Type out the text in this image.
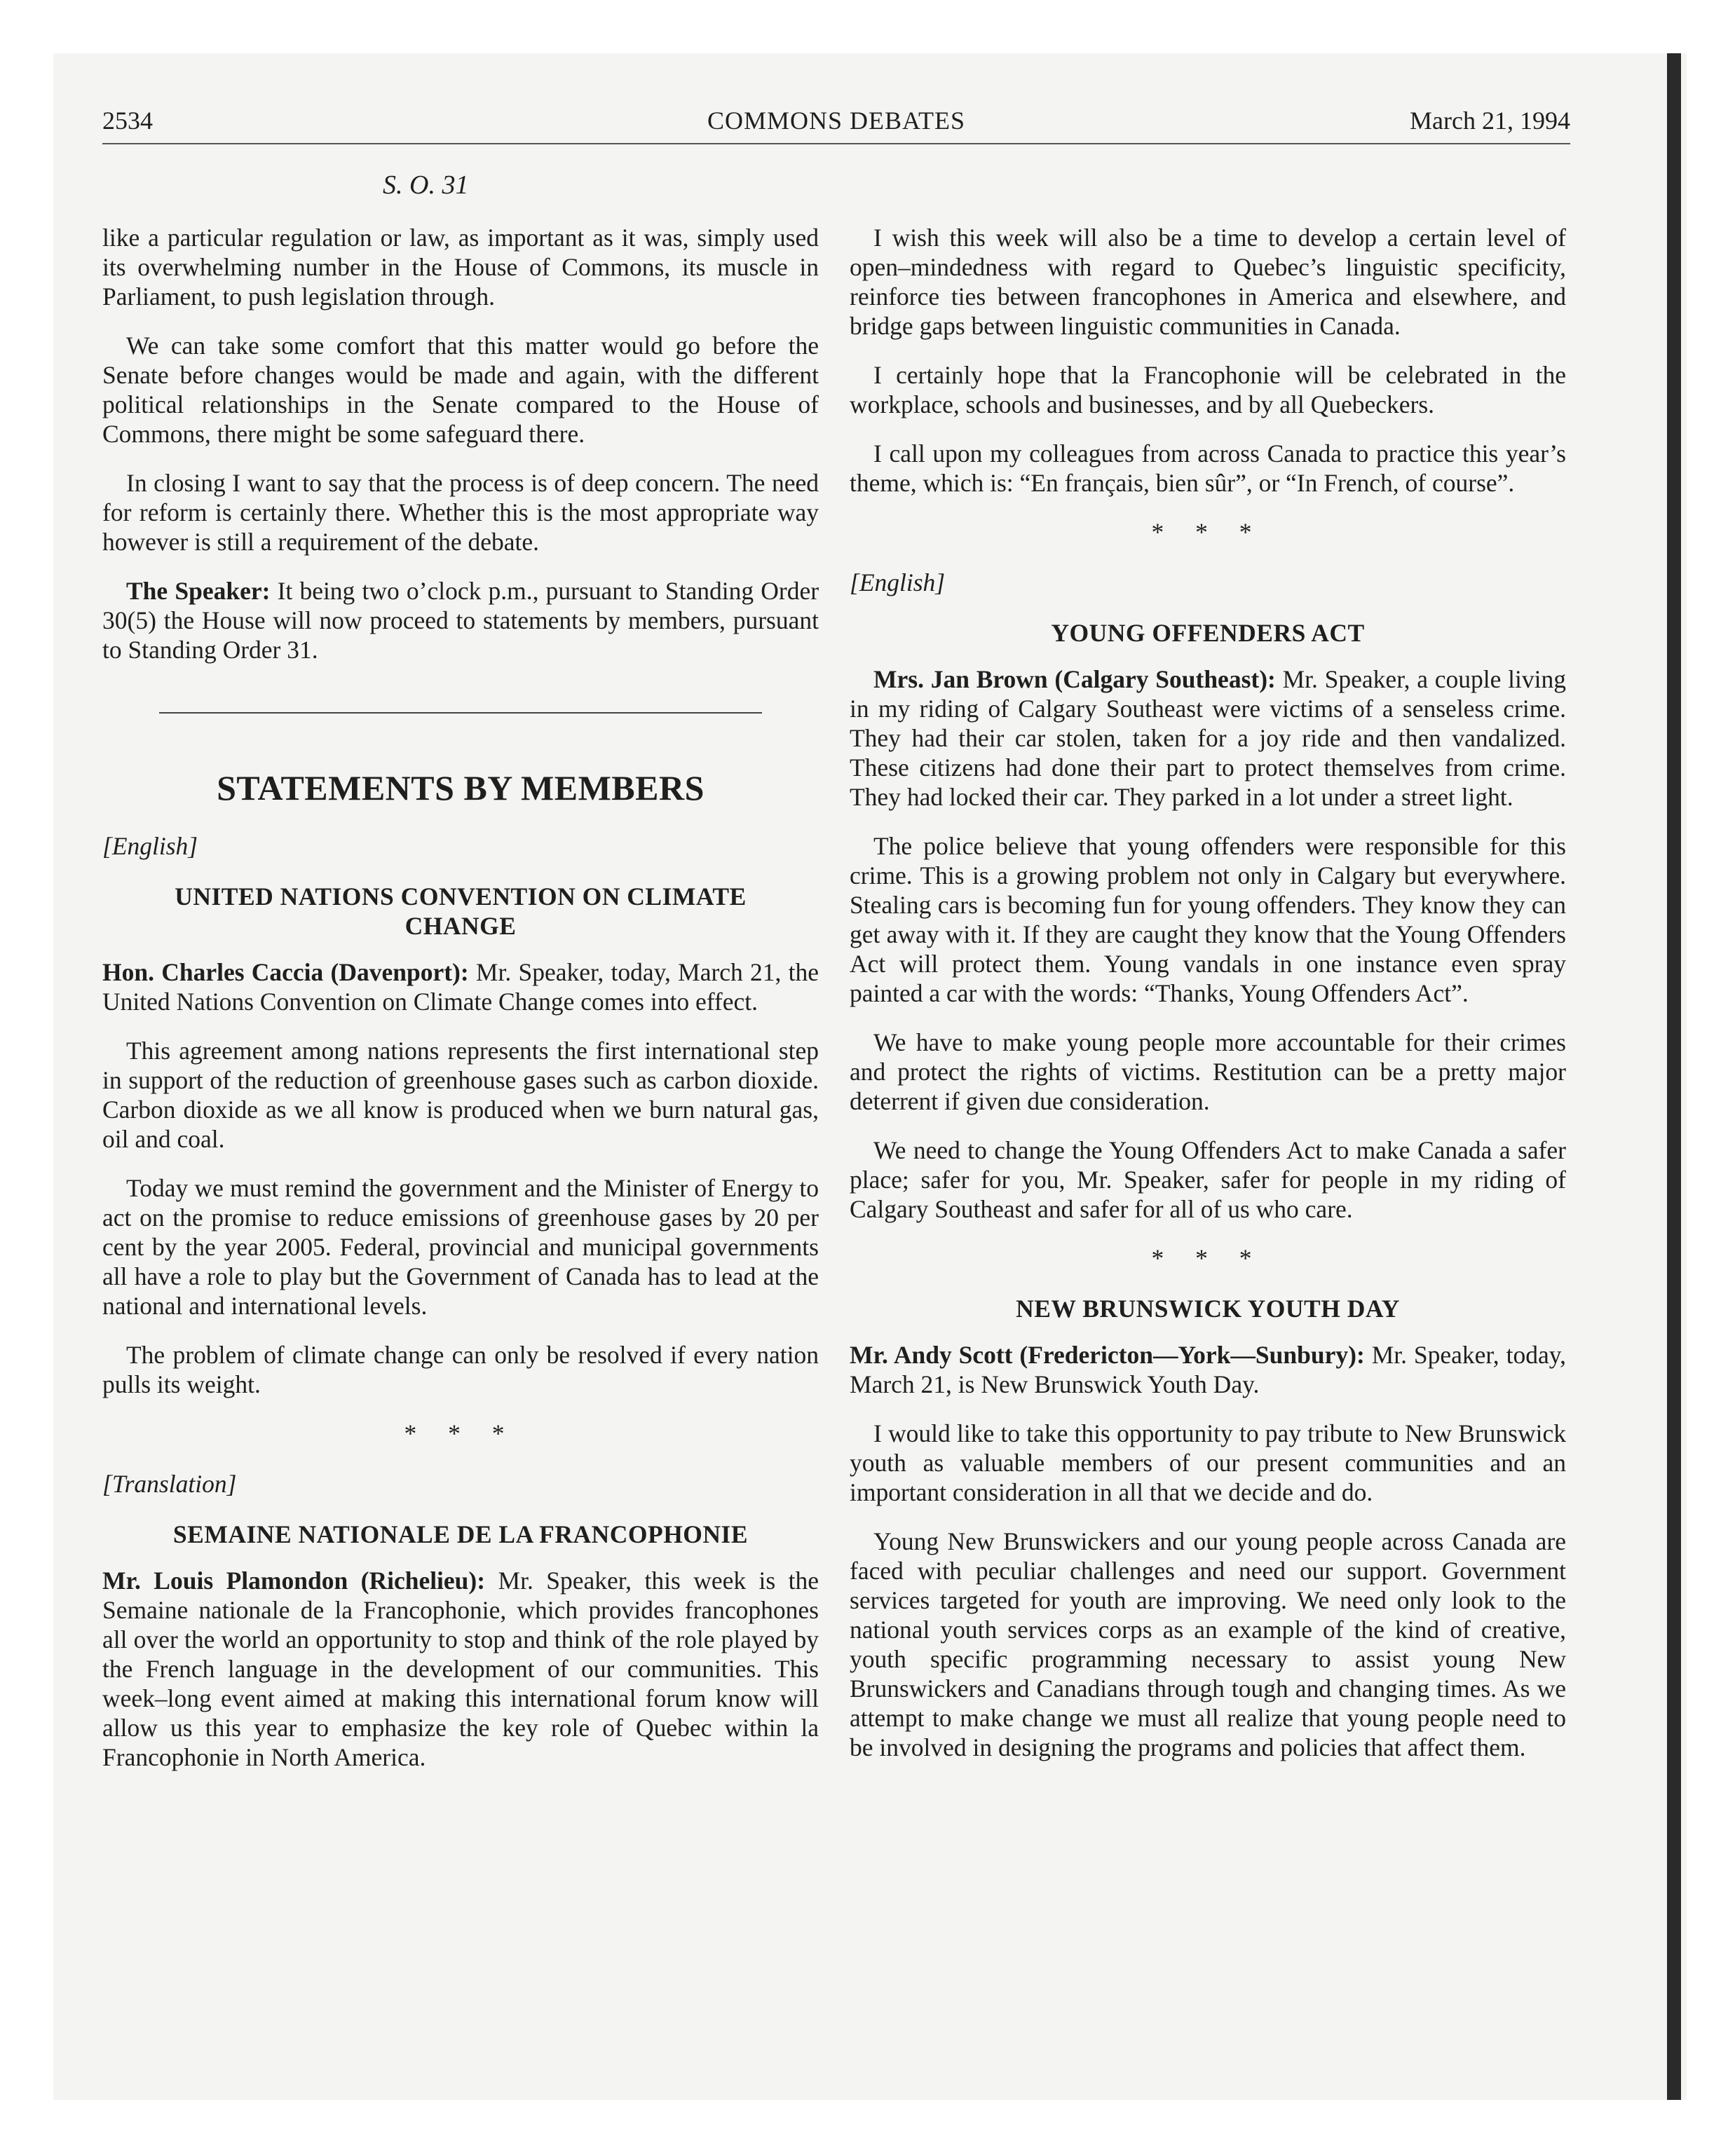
2534	COMMONS DEBATES	March 21, 1994
S. O. 31

like a particular regulation or law, as important as it was, simply used its overwhelming number in the House of Commons, its muscle in Parliament, to push legislation through.

We can take some comfort that this matter would go before the Senate before changes would be made and again, with the different political relationships in the Senate compared to the House of Commons, there might be some safeguard there.

In closing I want to say that the process is of deep concern. The need for reform is certainly there. Whether this is the most appropriate way however is still a requirement of the debate.

The Speaker: It being two o’clock p.m., pursuant to Standing Order 30(5) the House will now proceed to statements by members, pursuant to Standing Order 31.

STATEMENTS BY MEMBERS
[English]
UNITED NATIONS CONVENTION ON CLIMATE CHANGE

Hon. Charles Caccia (Davenport): Mr. Speaker, today, March 21, the United Nations Convention on Climate Change comes into effect.

This agreement among nations represents the first international step in support of the reduction of greenhouse gases such as carbon dioxide. Carbon dioxide as we all know is produced when we burn natural gas, oil and coal.

Today we must remind the government and the Minister of Energy to act on the promise to reduce emissions of greenhouse gases by 20 per cent by the year 2005. Federal, provincial and municipal governments all have a role to play but the Government of Canada has to lead at the national and international levels.

The problem of climate change can only be resolved if every nation pulls its weight.

* * *
[Translation]
SEMAINE NATIONALE DE LA FRANCOPHONIE

Mr. Louis Plamondon (Richelieu): Mr. Speaker, this week is the Semaine nationale de la Francophonie, which provides francophones all over the world an opportunity to stop and think of the role played by the French language in the development of our communities. This week–long event aimed at making this international forum know will allow us this year to emphasize the key role of Quebec within la Francophonie in North America.

I wish this week will also be a time to develop a certain level of open–mindedness with regard to Quebec’s linguistic specificity, reinforce ties between francophones in America and elsewhere, and bridge gaps between linguistic communities in Canada.

I certainly hope that la Francophonie will be celebrated in the workplace, schools and businesses, and by all Quebeckers.

I call upon my colleagues from across Canada to practice this year’s theme, which is: “En français, bien sûr”, or “In French, of course”.

* * *
[English]
YOUNG OFFENDERS ACT

Mrs. Jan Brown (Calgary Southeast): Mr. Speaker, a couple living in my riding of Calgary Southeast were victims of a senseless crime. They had their car stolen, taken for a joy ride and then vandalized. These citizens had done their part to protect themselves from crime. They had locked their car. They parked in a lot under a street light.

The police believe that young offenders were responsible for this crime. This is a growing problem not only in Calgary but everywhere. Stealing cars is becoming fun for young offenders. They know they can get away with it. If they are caught they know that the Young Offenders Act will protect them. Young vandals in one instance even spray painted a car with the words: “Thanks, Young Offenders Act”.

We have to make young people more accountable for their crimes and protect the rights of victims. Restitution can be a pretty major deterrent if given due consideration.

We need to change the Young Offenders Act to make Canada a safer place; safer for you, Mr. Speaker, safer for people in my riding of Calgary Southeast and safer for all of us who care.

* * *
NEW BRUNSWICK YOUTH DAY

Mr. Andy Scott (Fredericton—York—Sunbury): Mr. Speaker, today, March 21, is New Brunswick Youth Day.

I would like to take this opportunity to pay tribute to New Brunswick youth as valuable members of our present communities and an important consideration in all that we decide and do.

Young New Brunswickers and our young people across Canada are faced with peculiar challenges and need our support. Government services targeted for youth are improving. We need only look to the national youth services corps as an example of the kind of creative, youth specific programming necessary to assist young New Brunswickers and Canadians through tough and changing times. As we attempt to make change we must all realize that young people need to be involved in designing the programs and policies that affect them.
